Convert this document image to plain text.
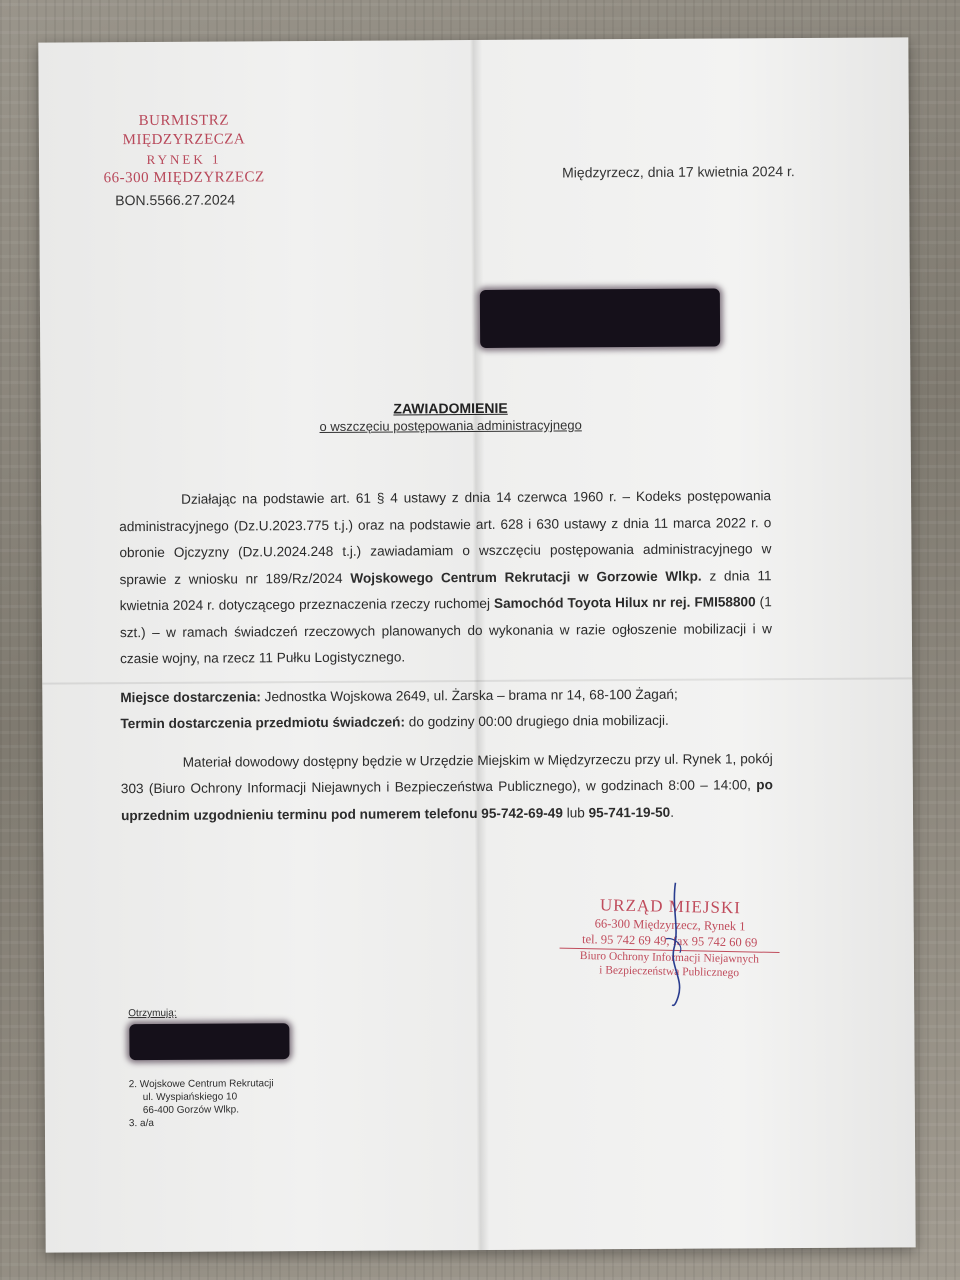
BURMISTRZ MIĘDZYRZECZA
RYNEK 1
66-300 MIĘDZYRZECZ
BON.5566.27.2024
Międzyrzecz, dnia 17 kwietnia 2024 r.
ZAWIADOMIENIE
o wszczęciu postępowania administracyjnego

Działając na podstawie art. 61 § 4 ustawy z dnia 14 czerwca 1960 r. – Kodeks postępowania administracyjnego (Dz.U.2023.775 t.j.) oraz na podstawie art. 628 i 630 ustawy z dnia 11 marca 2022 r. o obronie Ojczyzny (Dz.U.2024.248 t.j.) zawiadamiam o wszczęciu postępowania administracyjnego w sprawie z wniosku nr 189/Rz/2024 Wojskowego Centrum Rekrutacji w Gorzowie Wlkp. z dnia 11 kwietnia 2024 r. dotyczącego przeznaczenia rzeczy ruchomej Samochód Toyota Hilux nr rej. FMI58800 (1 szt.) – w ramach świadczeń rzeczowych planowanych do wykonania w razie ogłoszenie mobilizacji i w czasie wojny, na rzecz 11 Pułku Logistycznego.

Miejsce dostarczenia: Jednostka Wojskowa 2649, ul. Żarska – brama nr 14, 68-100 Żagań;
Termin dostarczenia przedmiotu świadczeń: do godziny 00:00 drugiego dnia mobilizacji.

Materiał dowodowy dostępny będzie w Urzędzie Miejskim w Międzyrzeczu przy ul. Rynek 1, pokój 303 (Biuro Ochrony Informacji Niejawnych i Bezpieczeństwa Publicznego), w godzinach 8:00 – 14:00, po uprzednim uzgodnieniu terminu pod numerem telefonu 95-742-69-49 lub 95-741-19-50.

URZĄD MIEJSKI
66-300 Międzyrzecz, Rynek 1
tel. 95 742 69 49, fax 95 742 60 69
Biuro Ochrony Informacji Niejawnych
i Bezpieczeństwa Publicznego
Otrzymują:
2. Wojskowe Centrum Rekrutacji
ul. Wyspiańskiego 10
66-400 Gorzów Wlkp.
3. a/a
